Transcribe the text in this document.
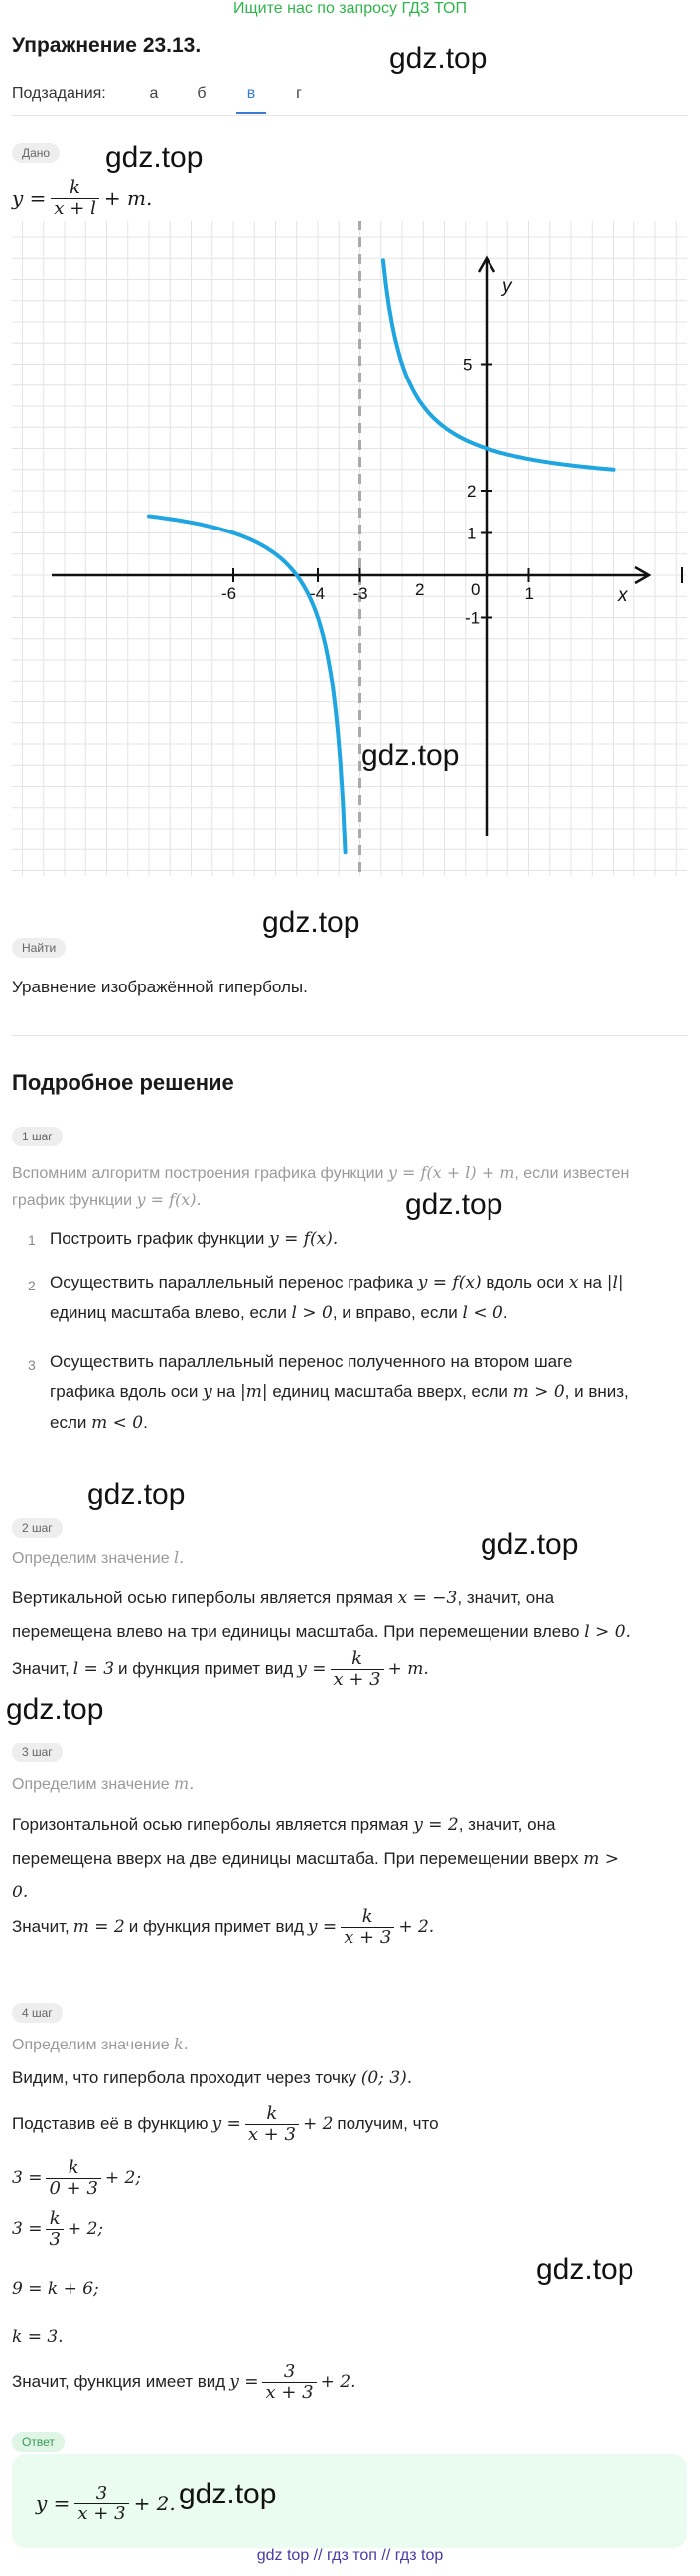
Ищите нас по запросу ГДЗ ТОП
Упражнение 23.13.
Подзадания:	а	б	в	г
Дано
$y = \frac{k}{x + l} + m$.
-6	-4 -3	2	0	1
5
2
1
-1
x
y
Найти
Уравнение изображённой гиперболы.
Подробное решение
1 шаг
Вспомним алгоритм построения графика функции y = f(x + l) + m, если известен
график функции y = f(x).
1 Построить график функции y = f(x).
2 Осуществить параллельный перенос графика y = f(x) вдоль оси x на |l|
единиц масштаба влево, если l > 0, и вправо, если l < 0.
3 Осуществить параллельный перенос полученного на втором шаге
графика вдоль оси y на |m| единиц масштаба вверх, если m > 0, и вниз,
если m < 0.
2 шаг
Определим значение l.
Вертикальной осью гиперболы является прямая x = −3, значит, она
перемещена влево на три единицы масштаба. При перемещении влево l > 0.
Значит, l = 3 и функция примет вид $y = \frac{k}{x + 3} + m$.
3 шаг
Определим значение m.
Горизонтальной осью гиперболы является прямая y = 2, значит, она
перемещена вверх на две единицы масштаба. При перемещении вверх m >
0.
Значит, m = 2 и функция примет вид $y = \frac{k}{x + 3} + 2$.
4 шаг
Определим значение k.
Видим, что гипербола проходит через точку (0; 3).
Подставив её в функцию $y = \frac{k}{x + 3} + 2$ получим, что
$3 = \frac{k}{0 + 3} + 2$;
$3 = \frac{k}{3} + 2$;
9 = k + 6;
k = 3.
Значит, функция имеет вид $y = \frac{3}{x + 3} + 2$.
Ответ
$y = \frac{3}{x + 3} + 2$.
gdz.top
gdz.top
gdz.top
gdz.top
gdz.top
gdz.top
gdz.top
gdz.top
gdz.top
gdz.top
gdz top // гдз топ // гдз top
